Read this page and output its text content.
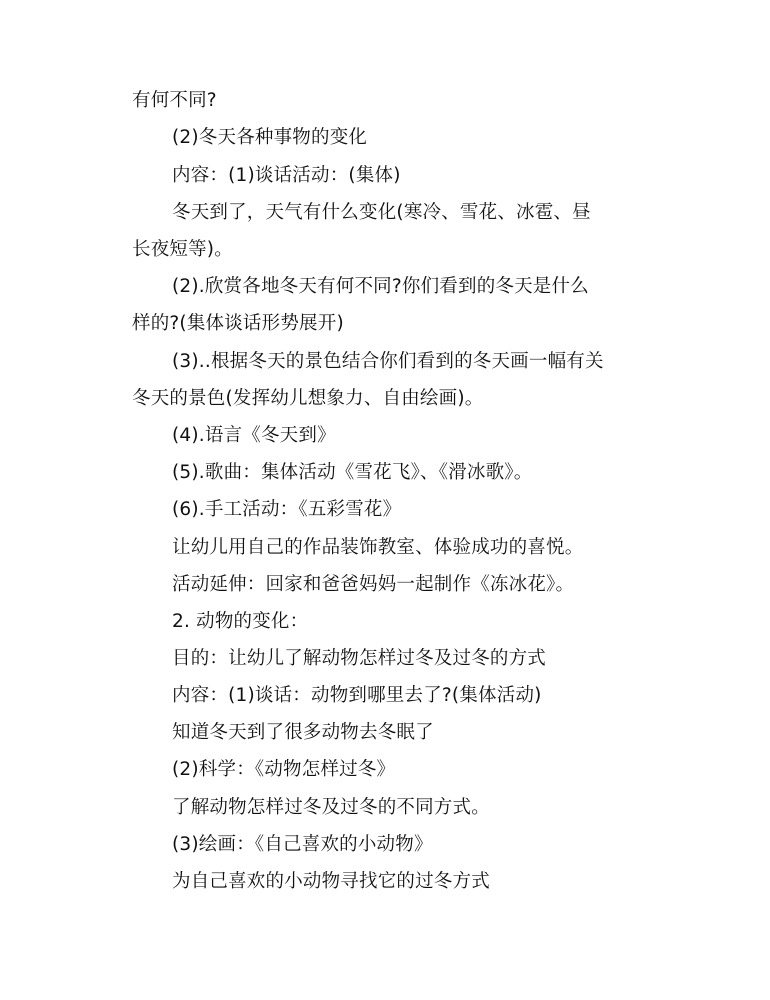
有何不同?
(2)冬天各种事物的变化
内容：(1)谈话活动：(集体)
冬天到了，天气有什么变化(寒冷、雪花、冰雹、昼
长夜短等)。
(2).欣赏各地冬天有何不同?你们看到的冬天是什么
样的?(集体谈话形势展开)
(3)..根据冬天的景色结合你们看到的冬天画一幅有关
冬天的景色(发挥幼儿想象力、自由绘画)。
(4).语言《冬天到》
(5).歌曲：集体活动《雪花飞》、《滑冰歌》。
(6).手工活动：《五彩雪花》
让幼儿用自己的作品装饰教室、体验成功的喜悦。
活动延伸：回家和爸爸妈妈一起制作《冻冰花》。
2. 动物的变化：
目的：让幼儿了解动物怎样过冬及过冬的方式
内容：(1)谈话：动物到哪里去了?(集体活动)
知道冬天到了很多动物去冬眠了
(2)科学：《动物怎样过冬》
了解动物怎样过冬及过冬的不同方式。
(3)绘画：《自己喜欢的小动物》
为自己喜欢的小动物寻找它的过冬方式
